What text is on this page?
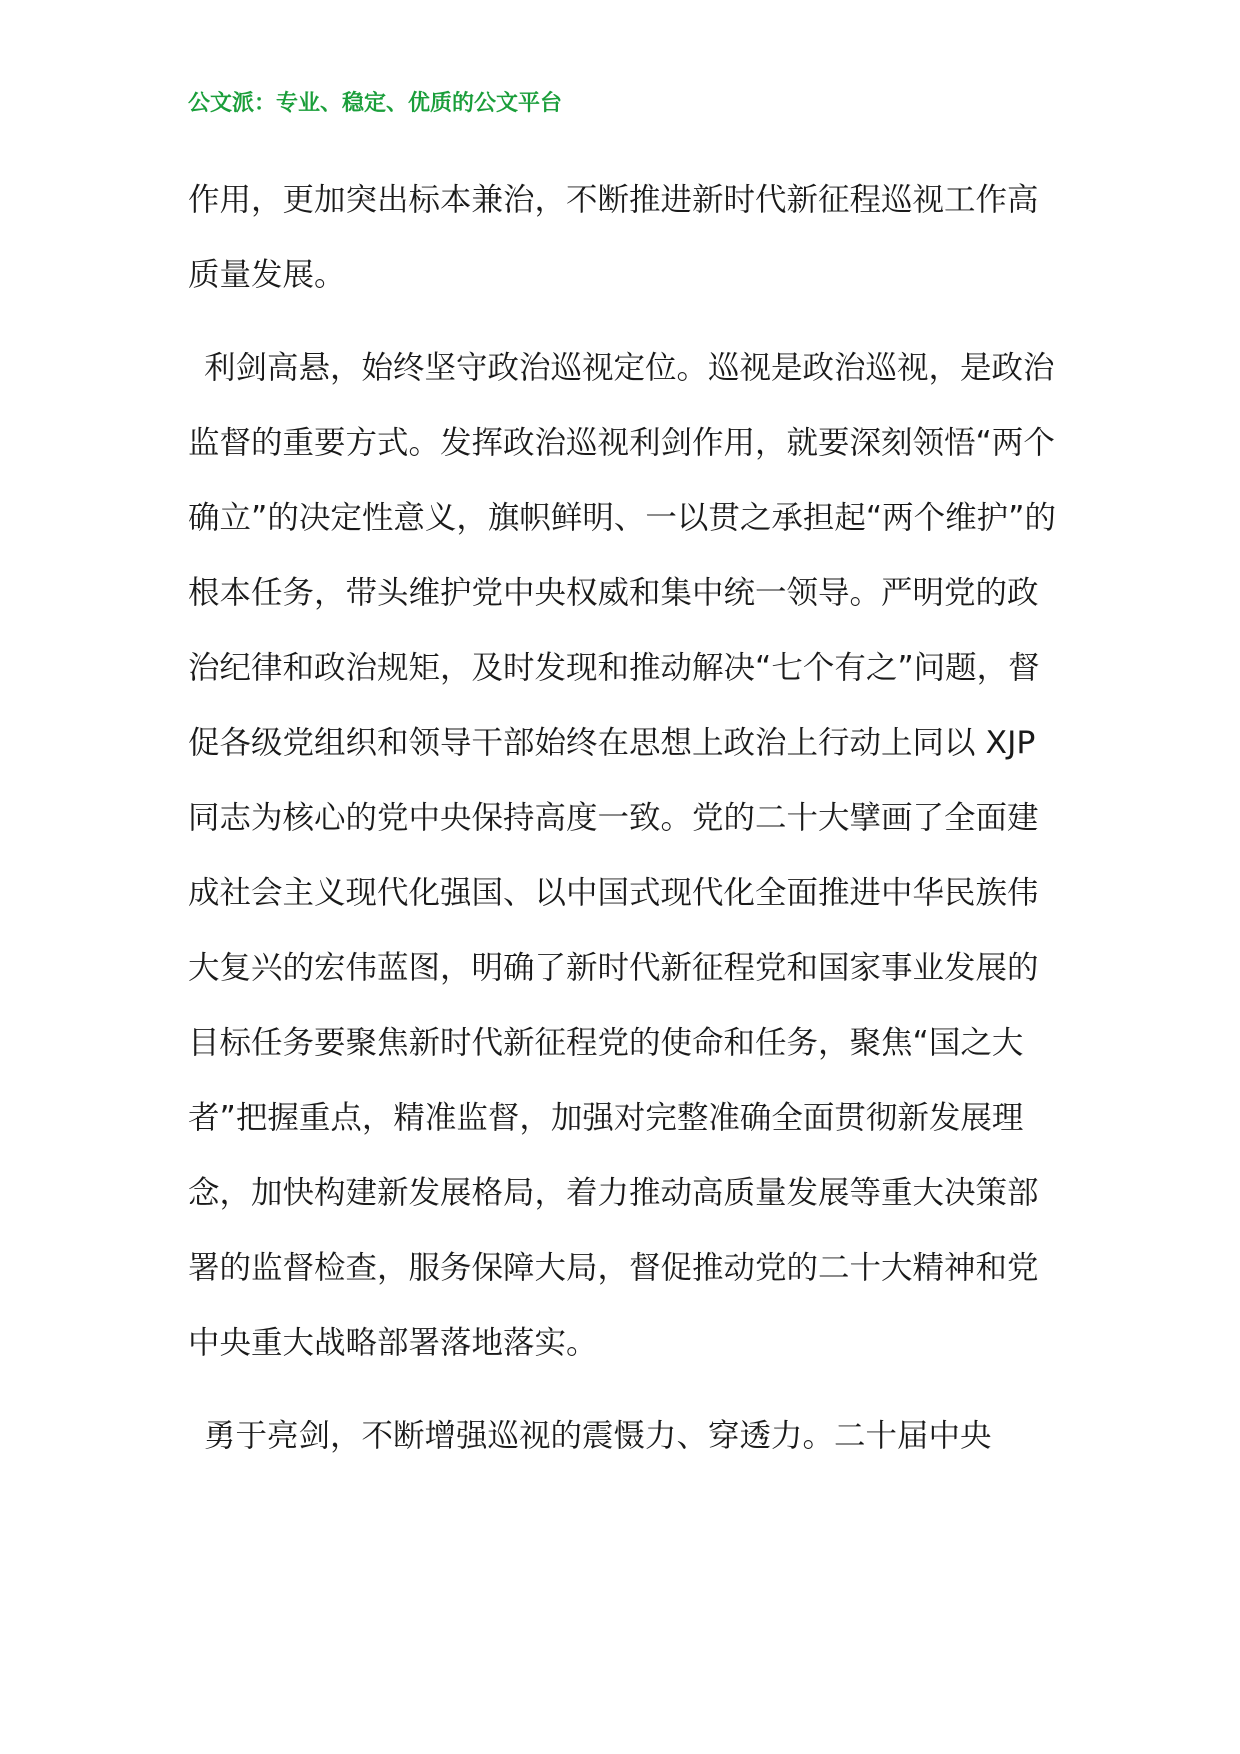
公文派：专业、稳定、优质的公文平台

作用，更加突出标本兼治，不断推进新时代新征程巡视工作高质量发展。

利剑高悬，始终坚守政治巡视定位。巡视是政治巡视，是政治监督的重要方式。发挥政治巡视利剑作用，就要深刻领悟“两个确立”的决定性意义，旗帜鲜明、一以贯之承担起“两个维护”的根本任务，带头维护党中央权威和集中统一领导。严明党的政治纪律和政治规矩，及时发现和推动解决“七个有之”问题，督促各级党组织和领导干部始终在思想上政治上行动上同以 XJP 同志为核心的党中央保持高度一致。党的二十大擘画了全面建成社会主义现代化强国、以中国式现代化全面推进中华民族伟大复兴的宏伟蓝图，明确了新时代新征程党和国家事业发展的目标任务要聚焦新时代新征程党的使命和任务，聚焦“国之大者”把握重点，精准监督，加强对完整准确全面贯彻新发展理念，加快构建新发展格局，着力推动高质量发展等重大决策部署的监督检查，服务保障大局，督促推动党的二十大精神和党中央重大战略部署落地落实。

勇于亮剑，不断增强巡视的震慑力、穿透力。二十届中央
